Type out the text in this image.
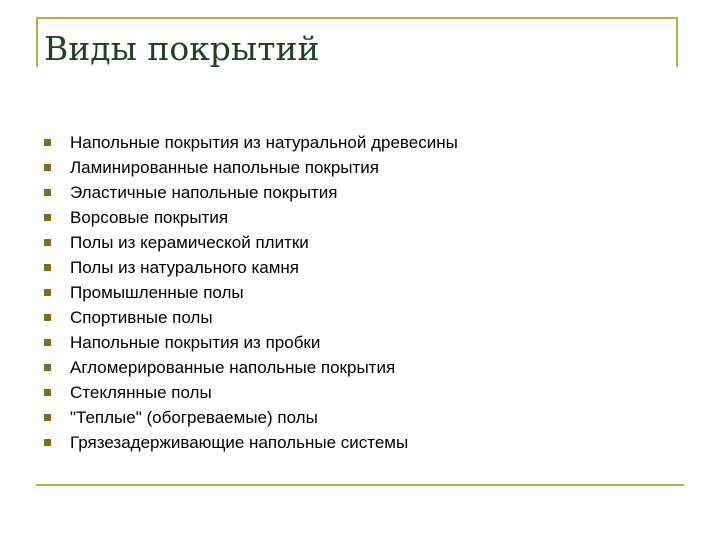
Виды покрытий
Напольные покрытия из натуральной древесины
Ламинированные напольные покрытия
Эластичные напольные покрытия
Ворсовые покрытия
Полы из керамической плитки
Полы из натурального камня
Промышленные полы
Спортивные полы
Напольные покрытия из пробки
Агломерированные напольные покрытия
Стеклянные полы
"Теплые" (обогреваемые) полы
Грязезадерживающие напольные системы
